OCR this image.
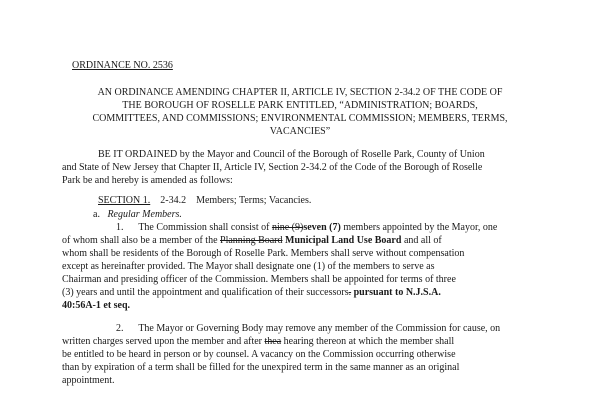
ORDINANCE NO. 2536
AN ORDINANCE AMENDING CHAPTER II, ARTICLE IV, SECTION 2-34.2 OF THE CODE OF
THE BOROUGH OF ROSELLE PARK ENTITLED, “ADMINISTRATION; BOARDS,
COMMITTEES, AND COMMISSIONS; ENVIRONMENTAL COMMISSION; MEMBERS, TERMS,
VACANCIES”
BE IT ORDAINED by the Mayor and Council of the Borough of Roselle Park, County of Union
and State of New Jersey that Chapter II, Article IV, Section 2-34.2 of the Code of the Borough of Roselle
Park be and hereby is amended as follows:
SECTION 1. 2-34.2 Members; Terms; Vacancies.
a. Regular Members.
1.      The Commission shall consist of nine (9)seven (7) members appointed by the Mayor, one
of whom shall also be a member of the Planning Board Municipal Land Use Board and all of
whom shall be residents of the Borough of Roselle Park. Members shall serve without compensation
except as hereinafter provided. The Mayor shall designate one (1) of the members to serve as
Chairman and presiding officer of the Commission. Members shall be appointed for terms of three
(3) years and until the appointment and qualification of their successors. pursuant to N.J.S.A.
40:56A-1 et seq.
2.      The Mayor or Governing Body may remove any member of the Commission for cause, on
written charges served upon the member and after thea hearing thereon at which the member shall
be entitled to be heard in person or by counsel. A vacancy on the Commission occurring otherwise
than by expiration of a term shall be filled for the unexpired term in the same manner as an original
appointment.
